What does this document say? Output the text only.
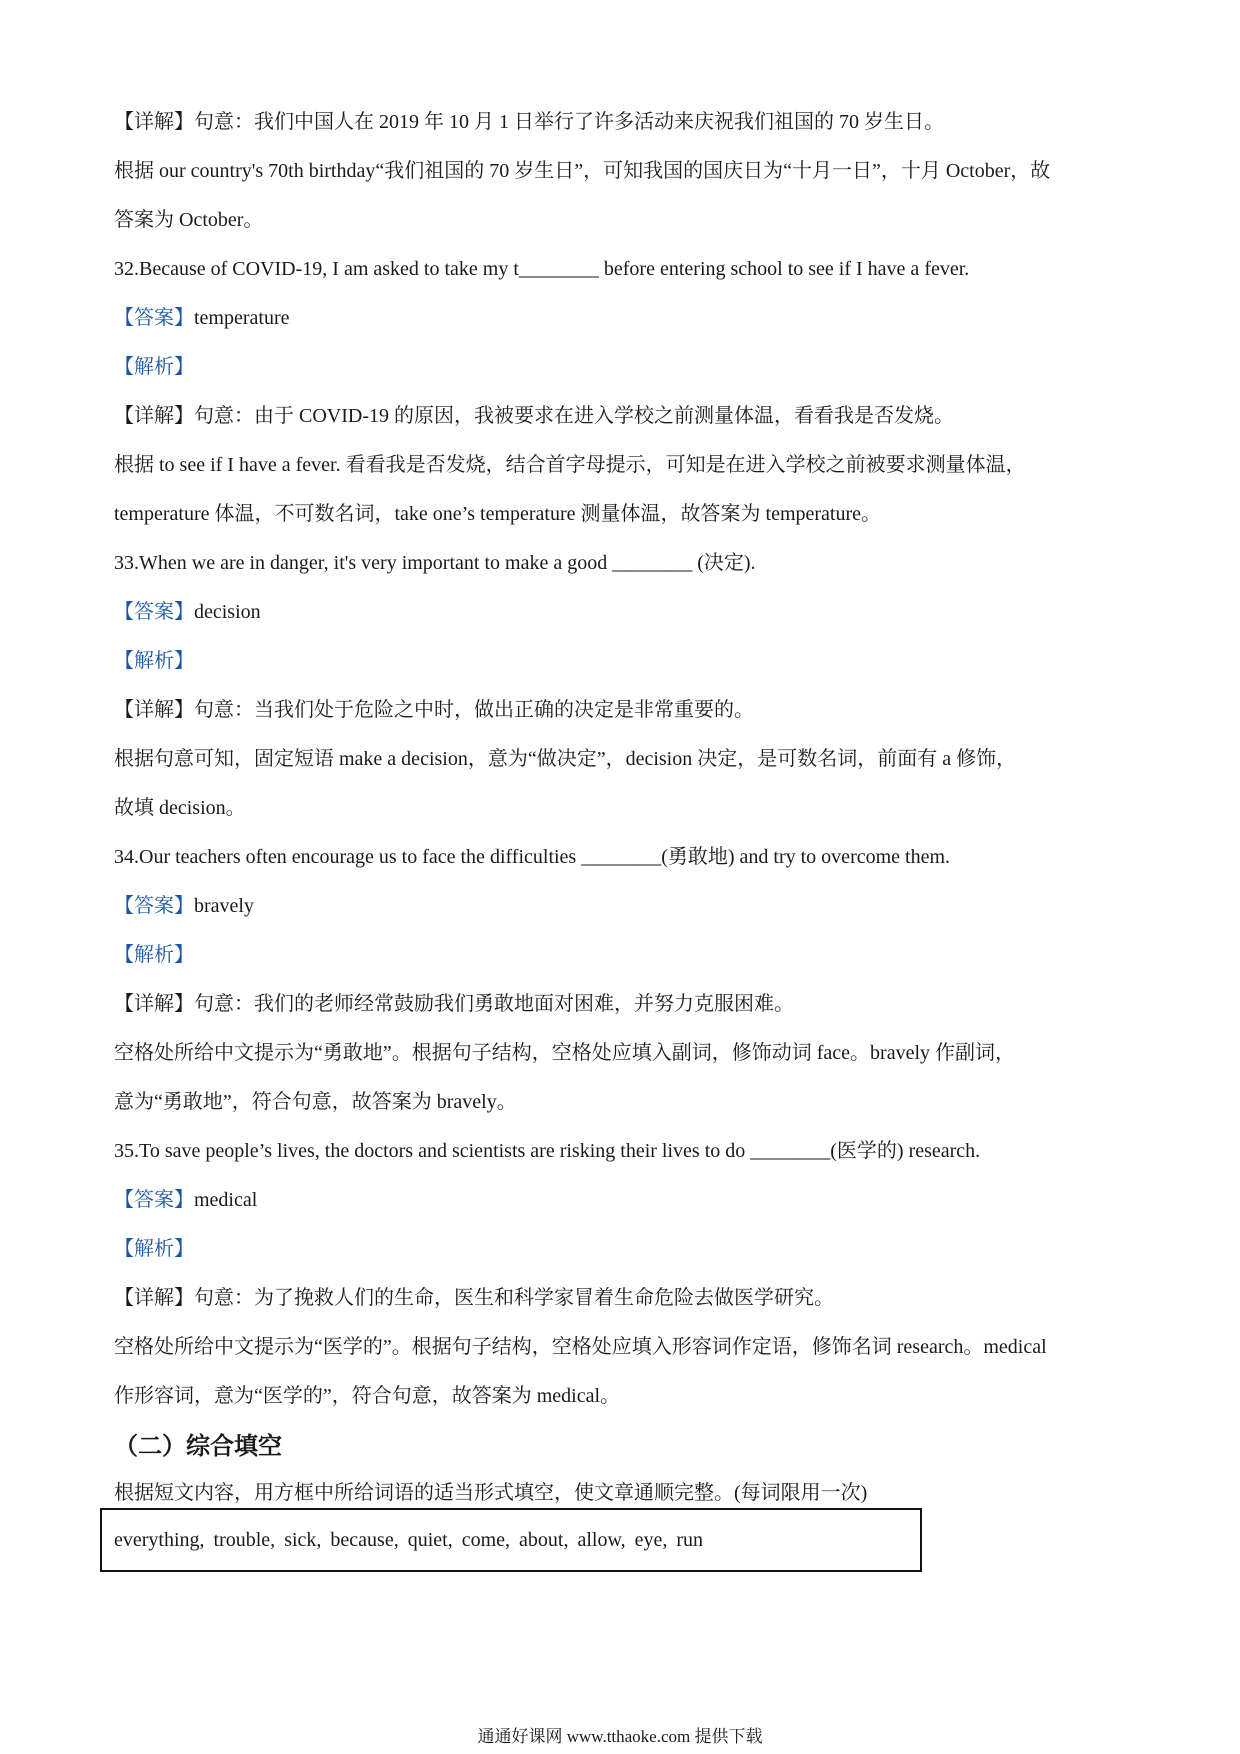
【详解】句意：我们中国人在 2019 年 10 月 1 日举行了许多活动来庆祝我们祖国的 70 岁生日。
根据 our country's 70th birthday“我们祖国的 70 岁生日”，可知我国的国庆日为“十月一日”，十月 October，故
答案为 October。
32.Because of COVID-19, I am asked to take my t________ before entering school to see if I have a fever.
【答案】temperature
【解析】
【详解】句意：由于 COVID-19 的原因，我被要求在进入学校之前测量体温，看看我是否发烧。
根据 to see if I have a fever. 看看我是否发烧，结合首字母提示，可知是在进入学校之前被要求测量体温，
temperature 体温，不可数名词，take one’s temperature 测量体温，故答案为 temperature。
33.When we are in danger, it's very important to make a good ________ (决定).
【答案】decision
【解析】
【详解】句意：当我们处于危险之中时，做出正确的决定是非常重要的。
根据句意可知，固定短语 make a decision，意为“做决定”，decision 决定，是可数名词，前面有 a 修饰，
故填 decision。
34.Our teachers often encourage us to face the difficulties ________(勇敢地) and try to overcome them.
【答案】bravely
【解析】
【详解】句意：我们的老师经常鼓励我们勇敢地面对困难，并努力克服困难。
空格处所给中文提示为“勇敢地”。根据句子结构，空格处应填入副词，修饰动词 face。bravely 作副词，
意为“勇敢地”，符合句意，故答案为 bravely。
35.To save people’s lives, the doctors and scientists are risking their lives to do ________(医学的) research.
【答案】medical
【解析】
【详解】句意：为了挽救人们的生命，医生和科学家冒着生命危险去做医学研究。
空格处所给中文提示为“医学的”。根据句子结构，空格处应填入形容词作定语，修饰名词 research。medical
作形容词，意为“医学的”，符合句意，故答案为 medical。
（二）综合填空
根据短文内容，用方框中所给词语的适当形式填空，使文章通顺完整。(每词限用一次)
everything, trouble, sick, because, quiet, come, about, allow, eye, run
通通好课网 www.tthaoke.com 提供下载
